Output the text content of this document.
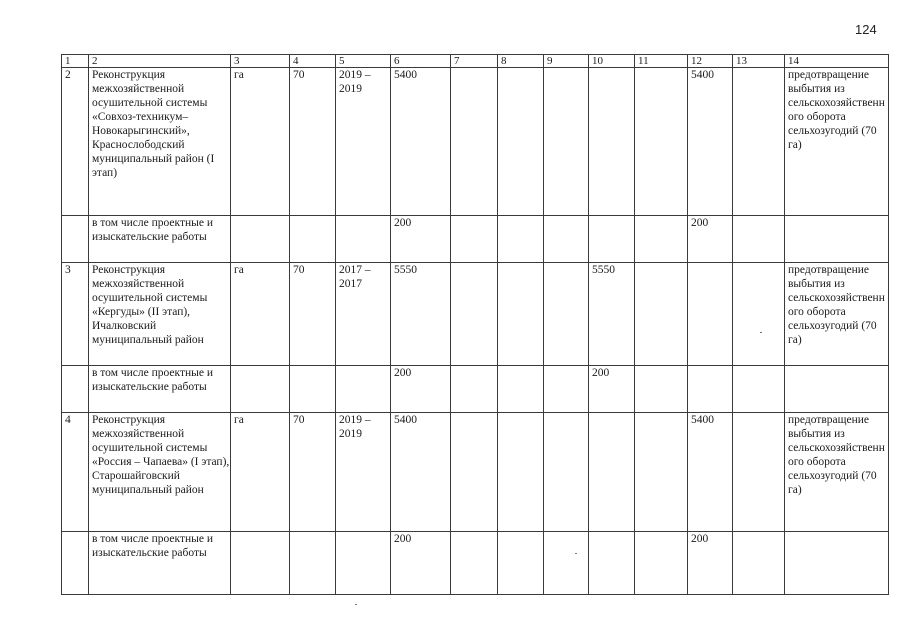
124
1	2	3	4	5	6	7	8	9	10	11	12	13	14
2	Реконструкция межхозяйственной осушительной системы «Совхоз-техникум–Новокарыгинский», Краснослободский муниципальный район (I этап)	га	70	2019 – 2019	5400						5400		предотвращение выбытия из сельскохозяйственного оборота сельхозугодий (70 га)
	в том числе проектные и изыскательские работы				200						200		
3	Реконструкция межхозяйственной осушительной системы «Кергуды» (II этап), Ичалковский муниципальный район	га	70	2017 – 2017	5550				5550				предотвращение выбытия из сельскохозяйственного оборота сельхозугодий (70 га)
	в том числе проектные и изыскательские работы				200				200				
4	Реконструкция межхозяйственной осушительной системы «Россия – Чапаева» (I этап), Старошайговский муниципальный район	га	70	2019 – 2019	5400						5400		предотвращение выбытия из сельскохозяйственного оборота сельхозугодий (70 га)
	в том числе проектные и изыскательские работы				200						200		
